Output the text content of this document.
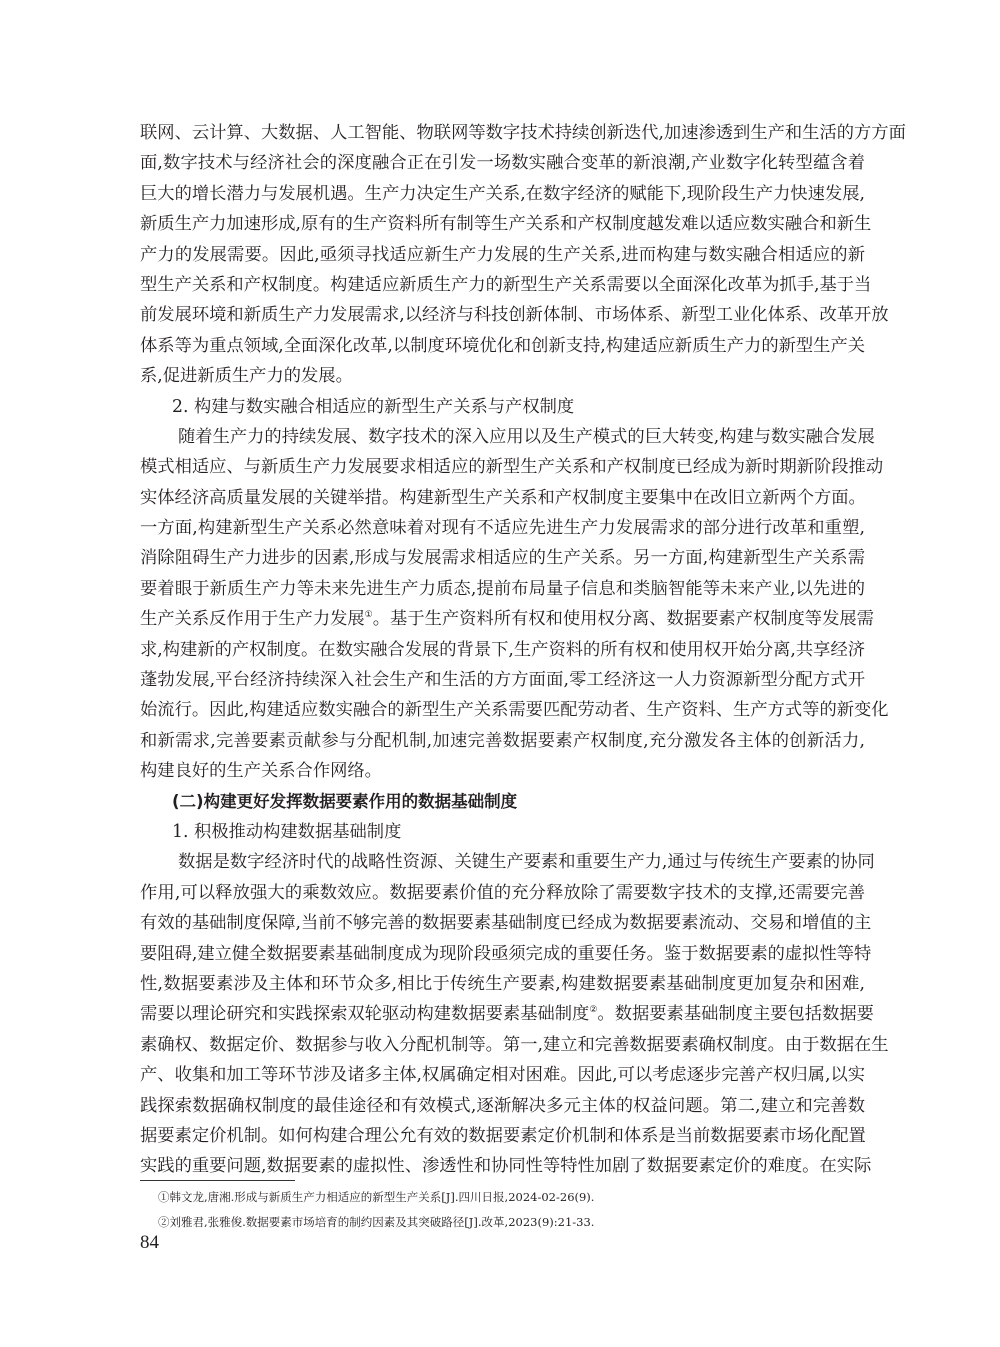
联网、云计算、大数据、人工智能、物联网等数字技术持续创新迭代,加速渗透到生产和生活的方方面
面,数字技术与经济社会的深度融合正在引发一场数实融合变革的新浪潮,产业数字化转型蕴含着
巨大的增长潜力与发展机遇。生产力决定生产关系,在数字经济的赋能下,现阶段生产力快速发展,
新质生产力加速形成,原有的生产资料所有制等生产关系和产权制度越发难以适应数实融合和新生
产力的发展需要。因此,亟须寻找适应新生产力发展的生产关系,进而构建与数实融合相适应的新
型生产关系和产权制度。构建适应新质生产力的新型生产关系需要以全面深化改革为抓手,基于当
前发展环境和新质生产力发展需求,以经济与科技创新体制、市场体系、新型工业化体系、改革开放
体系等为重点领域,全面深化改革,以制度环境优化和创新支持,构建适应新质生产力的新型生产关
系,促进新质生产力的发展。
2. 构建与数实融合相适应的新型生产关系与产权制度
随着生产力的持续发展、数字技术的深入应用以及生产模式的巨大转变,构建与数实融合发展
模式相适应、与新质生产力发展要求相适应的新型生产关系和产权制度已经成为新时期新阶段推动
实体经济高质量发展的关键举措。构建新型生产关系和产权制度主要集中在改旧立新两个方面。
一方面,构建新型生产关系必然意味着对现有不适应先进生产力发展需求的部分进行改革和重塑,
消除阻碍生产力进步的因素,形成与发展需求相适应的生产关系。另一方面,构建新型生产关系需
要着眼于新质生产力等未来先进生产力质态,提前布局量子信息和类脑智能等未来产业,以先进的
生产关系反作用于生产力发展①。基于生产资料所有权和使用权分离、数据要素产权制度等发展需
求,构建新的产权制度。在数实融合发展的背景下,生产资料的所有权和使用权开始分离,共享经济
蓬勃发展,平台经济持续深入社会生产和生活的方方面面,零工经济这一人力资源新型分配方式开
始流行。因此,构建适应数实融合的新型生产关系需要匹配劳动者、生产资料、生产方式等的新变化
和新需求,完善要素贡献参与分配机制,加速完善数据要素产权制度,充分激发各主体的创新活力,
构建良好的生产关系合作网络。
(二)构建更好发挥数据要素作用的数据基础制度
1. 积极推动构建数据基础制度
数据是数字经济时代的战略性资源、关键生产要素和重要生产力,通过与传统生产要素的协同
作用,可以释放强大的乘数效应。数据要素价值的充分释放除了需要数字技术的支撑,还需要完善
有效的基础制度保障,当前不够完善的数据要素基础制度已经成为数据要素流动、交易和增值的主
要阻碍,建立健全数据要素基础制度成为现阶段亟须完成的重要任务。鉴于数据要素的虚拟性等特
性,数据要素涉及主体和环节众多,相比于传统生产要素,构建数据要素基础制度更加复杂和困难,
需要以理论研究和实践探索双轮驱动构建数据要素基础制度②。数据要素基础制度主要包括数据要
素确权、数据定价、数据参与收入分配机制等。第一,建立和完善数据要素确权制度。由于数据在生
产、收集和加工等环节涉及诸多主体,权属确定相对困难。因此,可以考虑逐步完善产权归属,以实
践探索数据确权制度的最佳途径和有效模式,逐渐解决多元主体的权益问题。第二,建立和完善数
据要素定价机制。如何构建合理公允有效的数据要素定价机制和体系是当前数据要素市场化配置
实践的重要问题,数据要素的虚拟性、渗透性和协同性等特性加剧了数据要素定价的难度。在实际
①韩文龙,唐湘.形成与新质生产力相适应的新型生产关系[J].四川日报,2024-02-26(9).
②刘雅君,张雅俊.数据要素市场培育的制约因素及其突破路径[J].改革,2023(9):21-33.
84
